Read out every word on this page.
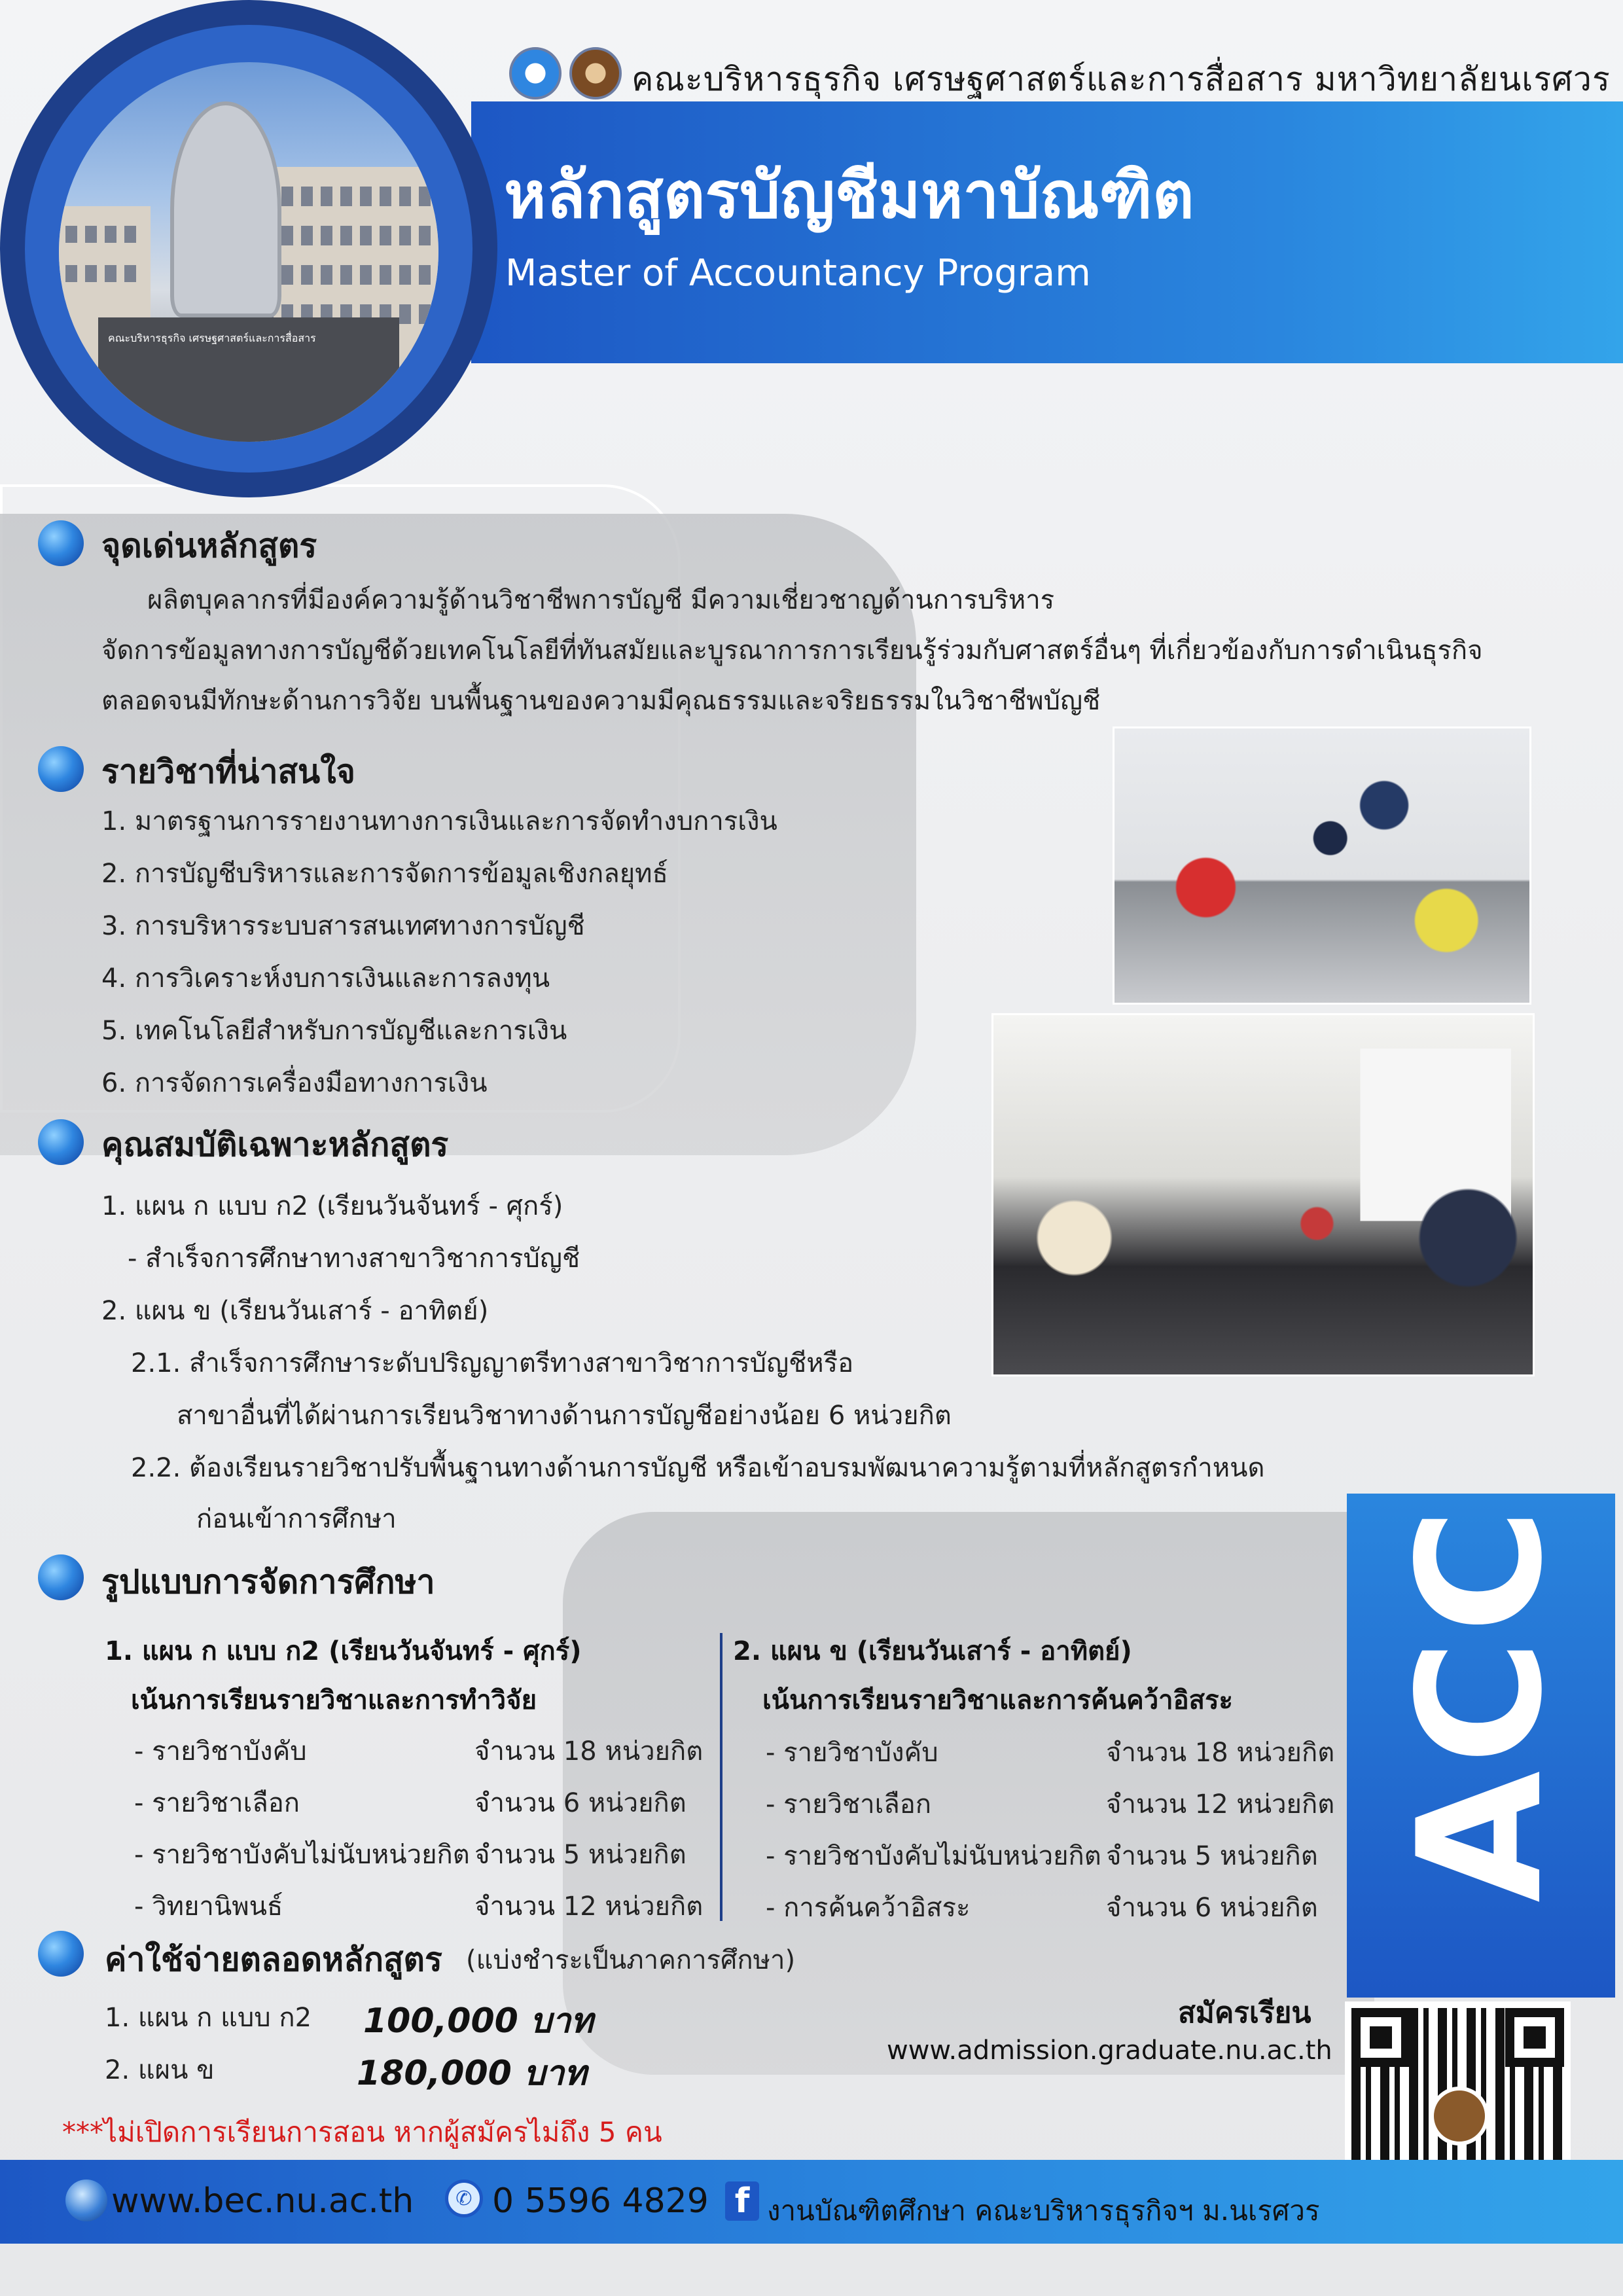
คณะบริหารธุรกิจ เศรษฐศาสตร์และการสื่อสาร
คณะบริหารธุรกิจ เศรษฐศาสตร์และการสื่อสาร มหาวิทยาลัยนเรศวร
หลักสูตรบัญชีมหาบัณฑิต
Master of Accountancy Program
จุดเด่นหลักสูตร
ผลิตบุคลากรที่มีองค์ความรู้ด้านวิชาชีพการบัญชี มีความเชี่ยวชาญด้านการบริหาร
จัดการข้อมูลทางการบัญชีด้วยเทคโนโลยีที่ทันสมัยและบูรณาการการเรียนรู้ร่วมกับศาสตร์อื่นๆ ที่เกี่ยวข้องกับการดำเนินธุรกิจ
ตลอดจนมีทักษะด้านการวิจัย บนพื้นฐานของความมีคุณธรรมและจริยธรรมในวิชาชีพบัญชี
รายวิชาที่น่าสนใจ
1. มาตรฐานการรายงานทางการเงินและการจัดทำงบการเงิน
2. การบัญชีบริหารและการจัดการข้อมูลเชิงกลยุทธ์
3. การบริหารระบบสารสนเทศทางการบัญชี
4. การวิเคราะห์งบการเงินและการลงทุน
5. เทคโนโลยีสำหรับการบัญชีและการเงิน
6. การจัดการเครื่องมือทางการเงิน
คุณสมบัติเฉพาะหลักสูตร
1. แผน ก แบบ ก2 (เรียนวันจันทร์ - ศุกร์)
- สำเร็จการศึกษาทางสาขาวิชาการบัญชี
2. แผน ข (เรียนวันเสาร์ - อาทิตย์)
2.1. สำเร็จการศึกษาระดับปริญญาตรีทางสาขาวิชาการบัญชีหรือ
สาขาอื่นที่ได้ผ่านการเรียนวิชาทางด้านการบัญชีอย่างน้อย 6 หน่วยกิต
2.2. ต้องเรียนรายวิชาปรับพื้นฐานทางด้านการบัญชี หรือเข้าอบรมพัฒนาความรู้ตามที่หลักสูตรกำหนด
ก่อนเข้าการศึกษา	ACC
รูปแบบการจัดการศึกษา
1. แผน ก แบบ ก2 (เรียนวันจันทร์ - ศุกร์)
เน้นการเรียนรายวิชาและการทำวิจัย
- รายวิชาบังคับ	จำนวน 18 หน่วยกิต
- รายวิชาเลือก	จำนวน 6 หน่วยกิต
- รายวิชาบังคับไม่นับหน่วยกิต จำนวน 5 หน่วยกิต
- วิทยานิพนธ์	จำนวน 12 หน่วยกิต
2. แผน ข (เรียนวันเสาร์ - อาทิตย์)
เน้นการเรียนรายวิชาและการค้นคว้าอิสระ
- รายวิชาบังคับ	จำนวน 18 หน่วยกิต
- รายวิชาเลือก	จำนวน 12 หน่วยกิต
- รายวิชาบังคับไม่นับหน่วยกิต จำนวน 5 หน่วยกิต
- การค้นคว้าอิสระ	จำนวน 6 หน่วยกิต
ค่าใช้จ่ายตลอดหลักสูตร (แบ่งชำระเป็นภาคการศึกษา)
1. แผน ก แบบ ก2 100,000 บาท
2. แผน ข	180,000 บาท
***ไม่เปิดการเรียนการสอน หากผู้สมัครไม่ถึง 5 คน
สมัครเรียน
www.admission.graduate.nu.ac.th
www.bec.nu.ac.th	✆ 0 5596 4829 f งานบัณฑิตศึกษา คณะบริหารธุรกิจฯ ม.นเรศวร
